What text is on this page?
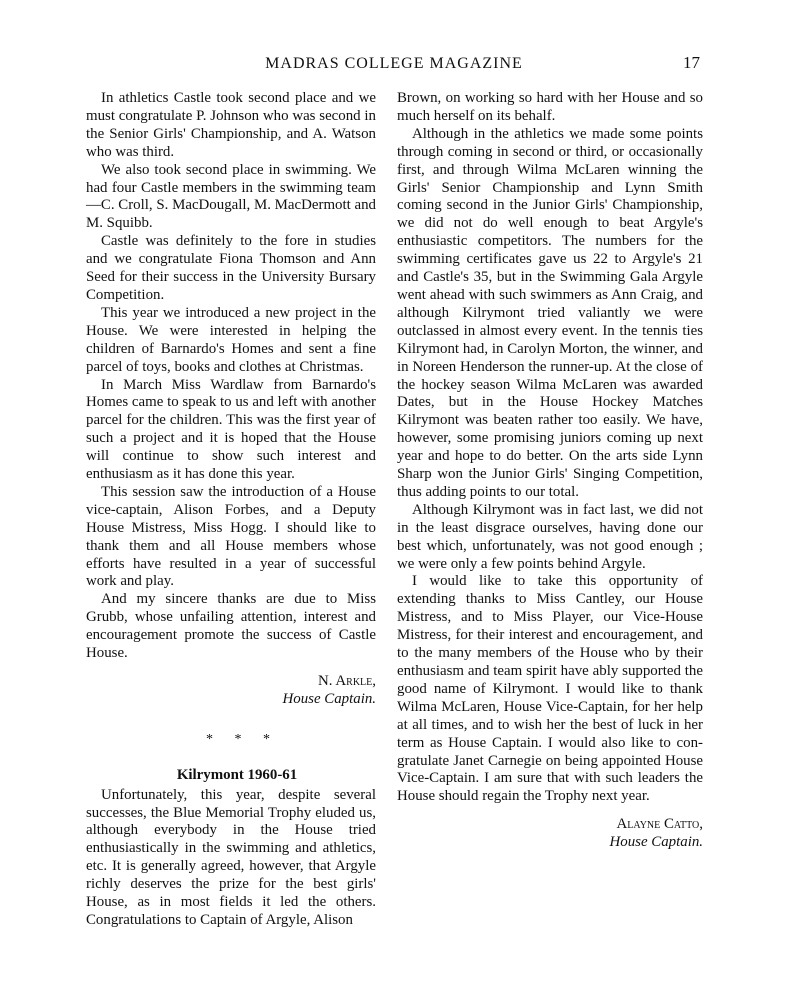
MADRAS COLLEGE MAGAZINE	17

In athletics Castle took second place and we must congratulate P. Johnson who was second in the Senior Girls' Championship, and A. Watson who was third.

We also took second place in swimming. We had four Castle members in the swimming team—C. Croll, S. MacDougall, M. MacDermott and M. Squibb.

Castle was definitely to the fore in studies and we congratulate Fiona Thomson and Ann Seed for their success in the University Bursary Competition.

This year we introduced a new project in the House. We were interested in helping the children of Barnardo's Homes and sent a fine parcel of toys, books and clothes at Christmas.

In March Miss Wardlaw from Barnardo's Homes came to speak to us and left with another parcel for the children. This was the first year of such a project and it is hoped that the House will continue to show such interest and enthusiasm as it has done this year.

This session saw the introduction of a House vice-captain, Alison Forbes, and a Deputy House Mistress, Miss Hogg. I should like to thank them and all House members whose efforts have resulted in a year of successful work and play.

And my sincere thanks are due to Miss Grubb, whose unfailing attention, interest and encouragement promote the success of Castle House.

N. Arkle,
House Captain.
* * *
Kilrymont 1960-61

Unfortunately, this year, despite several successes, the Blue Memorial Trophy eluded us, although everybody in the House tried enthusiastically in the swimming and athletics, etc. It is generally agreed, however, that Argyle richly deserves the prize for the best girls' House, as in most fields it led the others. Congratulations to Captain of Argyle, Alison

Brown, on working so hard with her House and so much herself on its behalf.

Although in the athletics we made some points through coming in second or third, or occasionally first, and through Wilma McLaren winning the Girls' Senior Championship and Lynn Smith coming second in the Junior Girls' Championship, we did not do well enough to beat Argyle's enthusiastic competitors. The numbers for the swimming certificates gave us 22 to Argyle's 21 and Castle's 35, but in the Swimming Gala Argyle went ahead with such swimmers as Ann Craig, and although Kilrymont tried valiantly we were outclassed in almost every event. In the tennis ties Kilrymont had, in Carolyn Morton, the winner, and in Noreen Henderson the runner-up. At the close of the hockey season Wilma McLaren was awarded Dates, but in the House Hockey Matches Kilrymont was beaten rather too easily. We have, however, some promising juniors coming up next year and hope to do better. On the arts side Lynn Sharp won the Junior Girls' Singing Competition, thus adding points to our total.

Although Kilrymont was in fact last, we did not in the least disgrace ourselves, having done our best which, unfortunately, was not good enough ; we were only a few points behind Argyle.

I would like to take this opportunity of extending thanks to Miss Cantley, our House Mistress, and to Miss Player, our Vice-House Mistress, for their interest and encouragement, and to the many members of the House who by their enthusiasm and team spirit have ably supported the good name of Kilrymont. I would like to thank Wilma McLaren, House Vice-Captain, for her help at all times, and to wish her the best of luck in her term as House Captain. I would also like to congratulate Janet Carnegie on being appointed House Vice-Captain. I am sure that with such leaders the House should regain the Trophy next year.

Alayne Catto,
House Captain.
